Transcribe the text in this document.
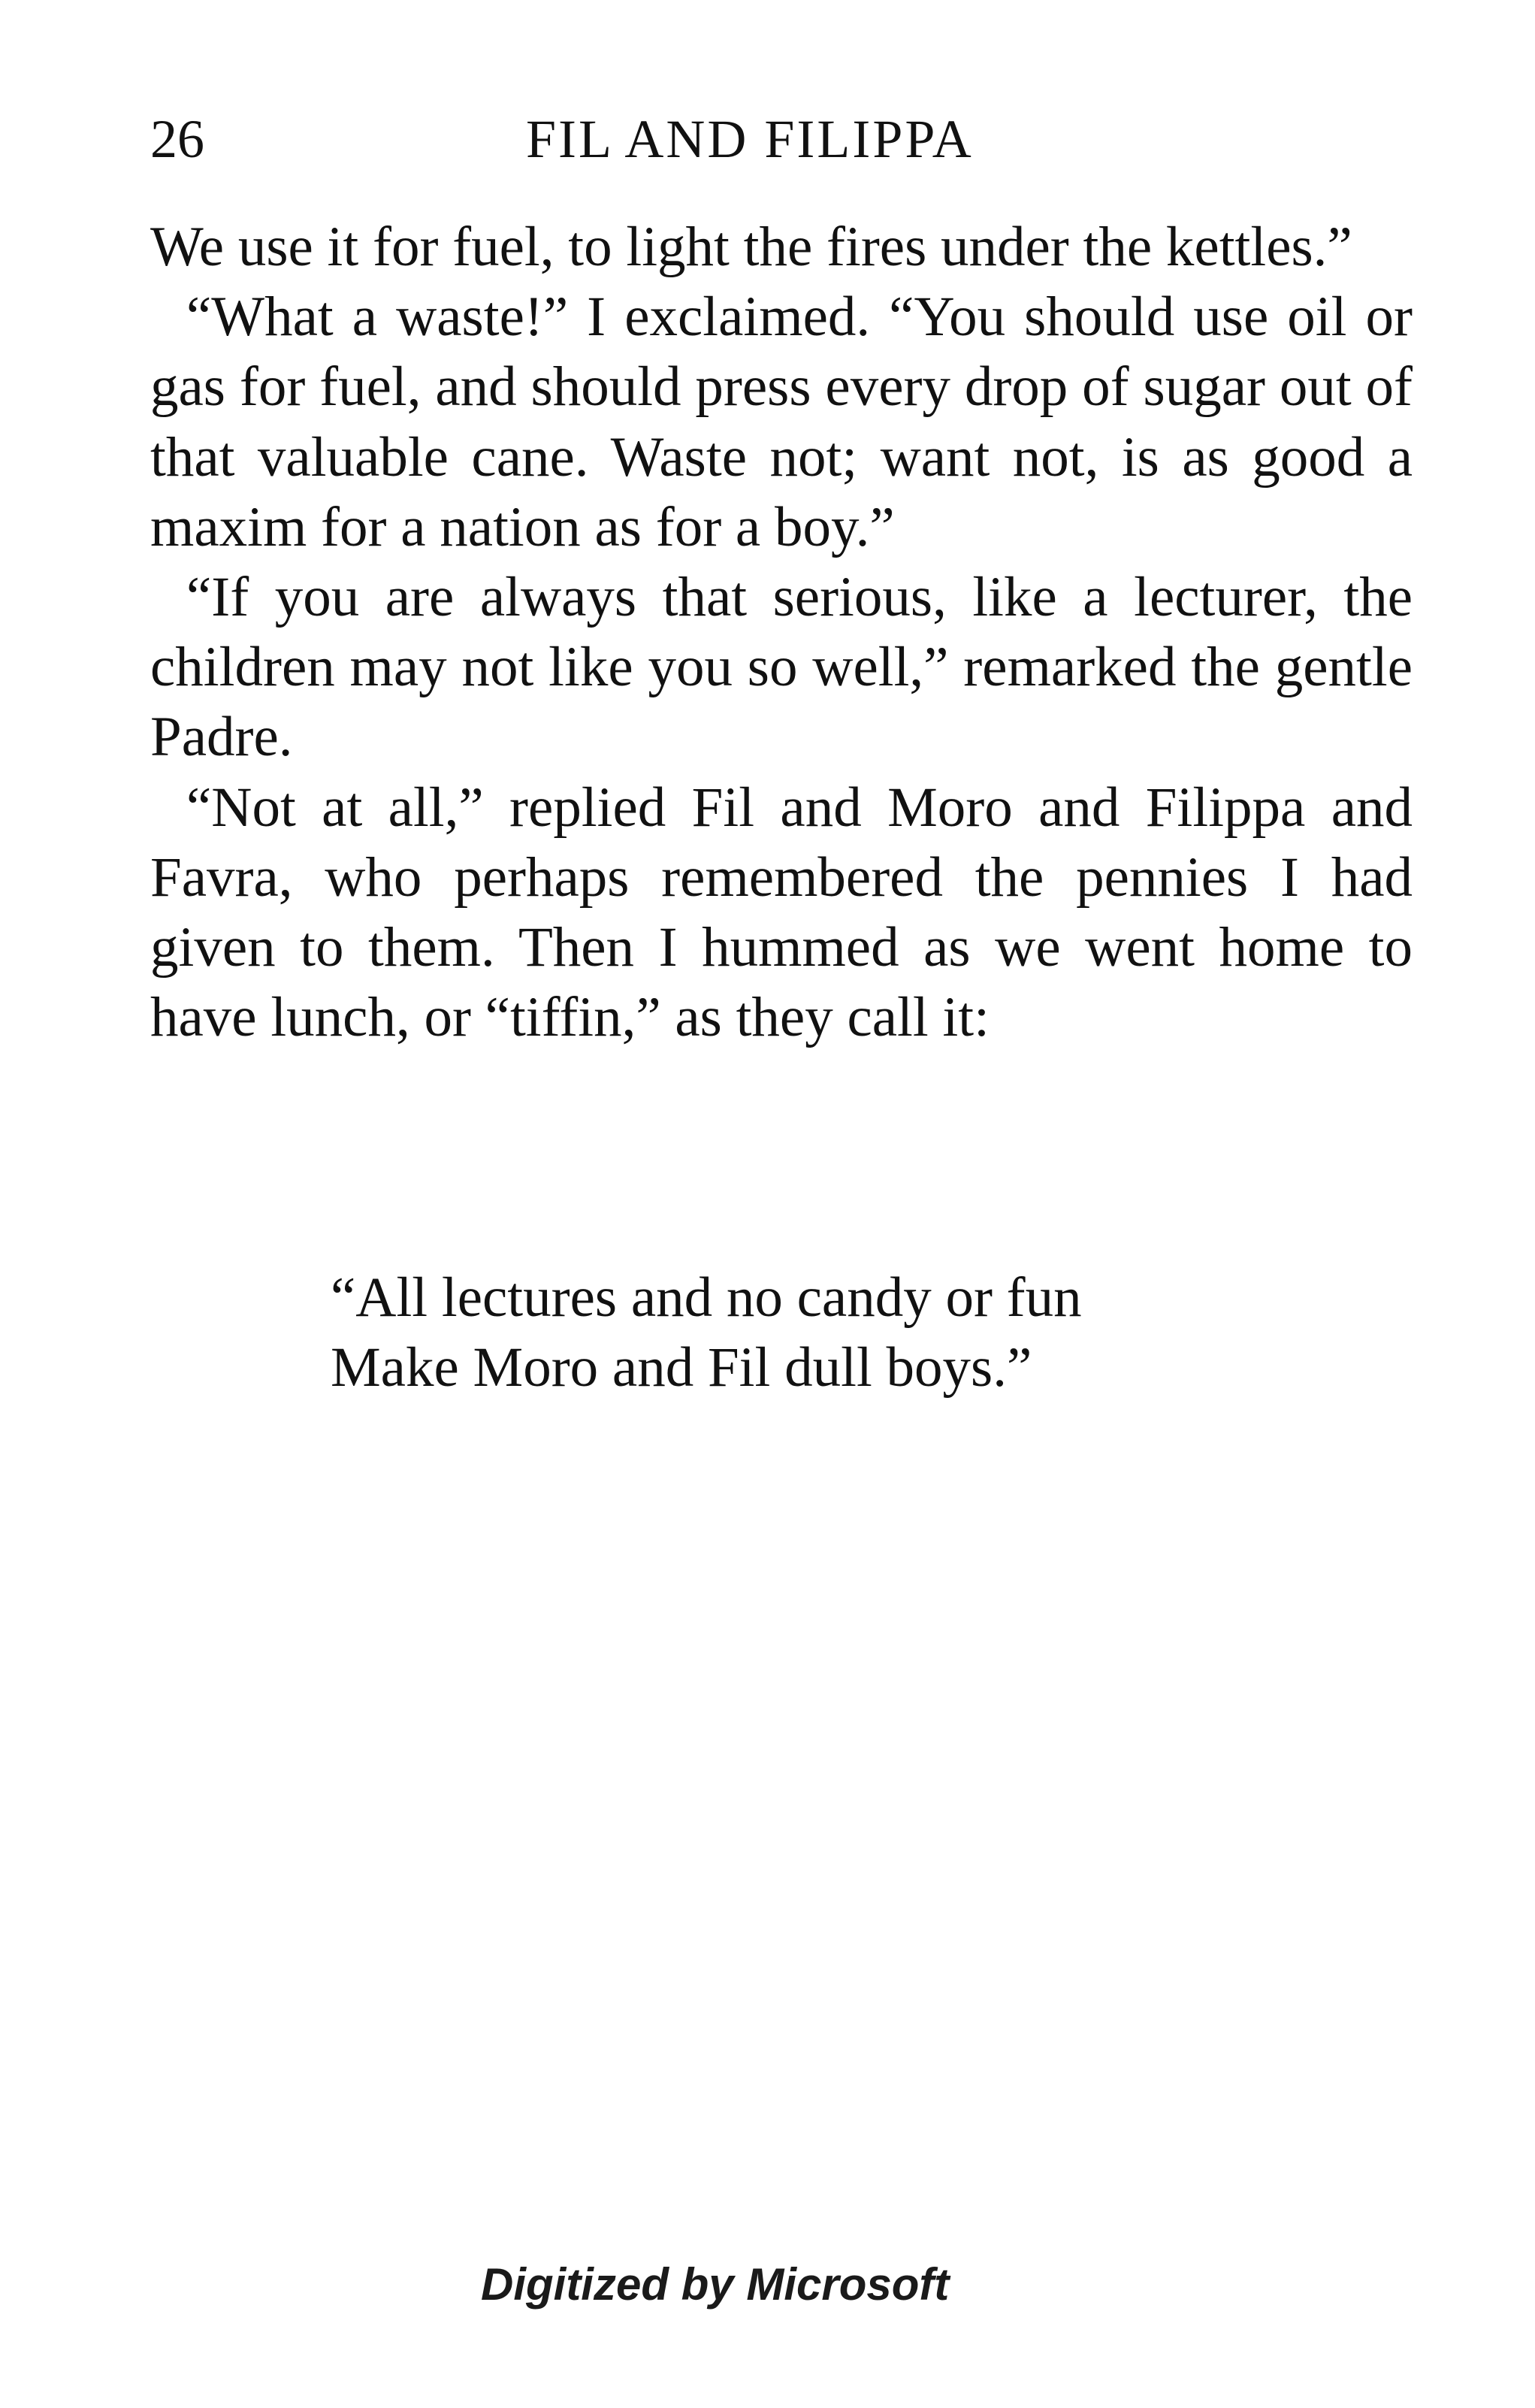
26	FIL AND FILIPPA

We use it for fuel, to light the fires under the kettles.”

“What a waste!” I exclaimed. “You should use oil or gas for fuel, and should press every drop of sugar out of that valuable cane. Waste not; want not, is as good a maxim for a nation as for a boy.”

“If you are always that serious, like a lecturer, the children may not like you so well,” remarked the gentle Padre.

“Not at all,” replied Fil and Moro and Filippa and Favra, who perhaps remembered the pennies I had given to them. Then I hummed as we went home to have lunch, or “tiffin,” as they call it:

“All lectures and no candy or fun
Make Moro and Fil dull boys.”
Digitized by Microsoft
